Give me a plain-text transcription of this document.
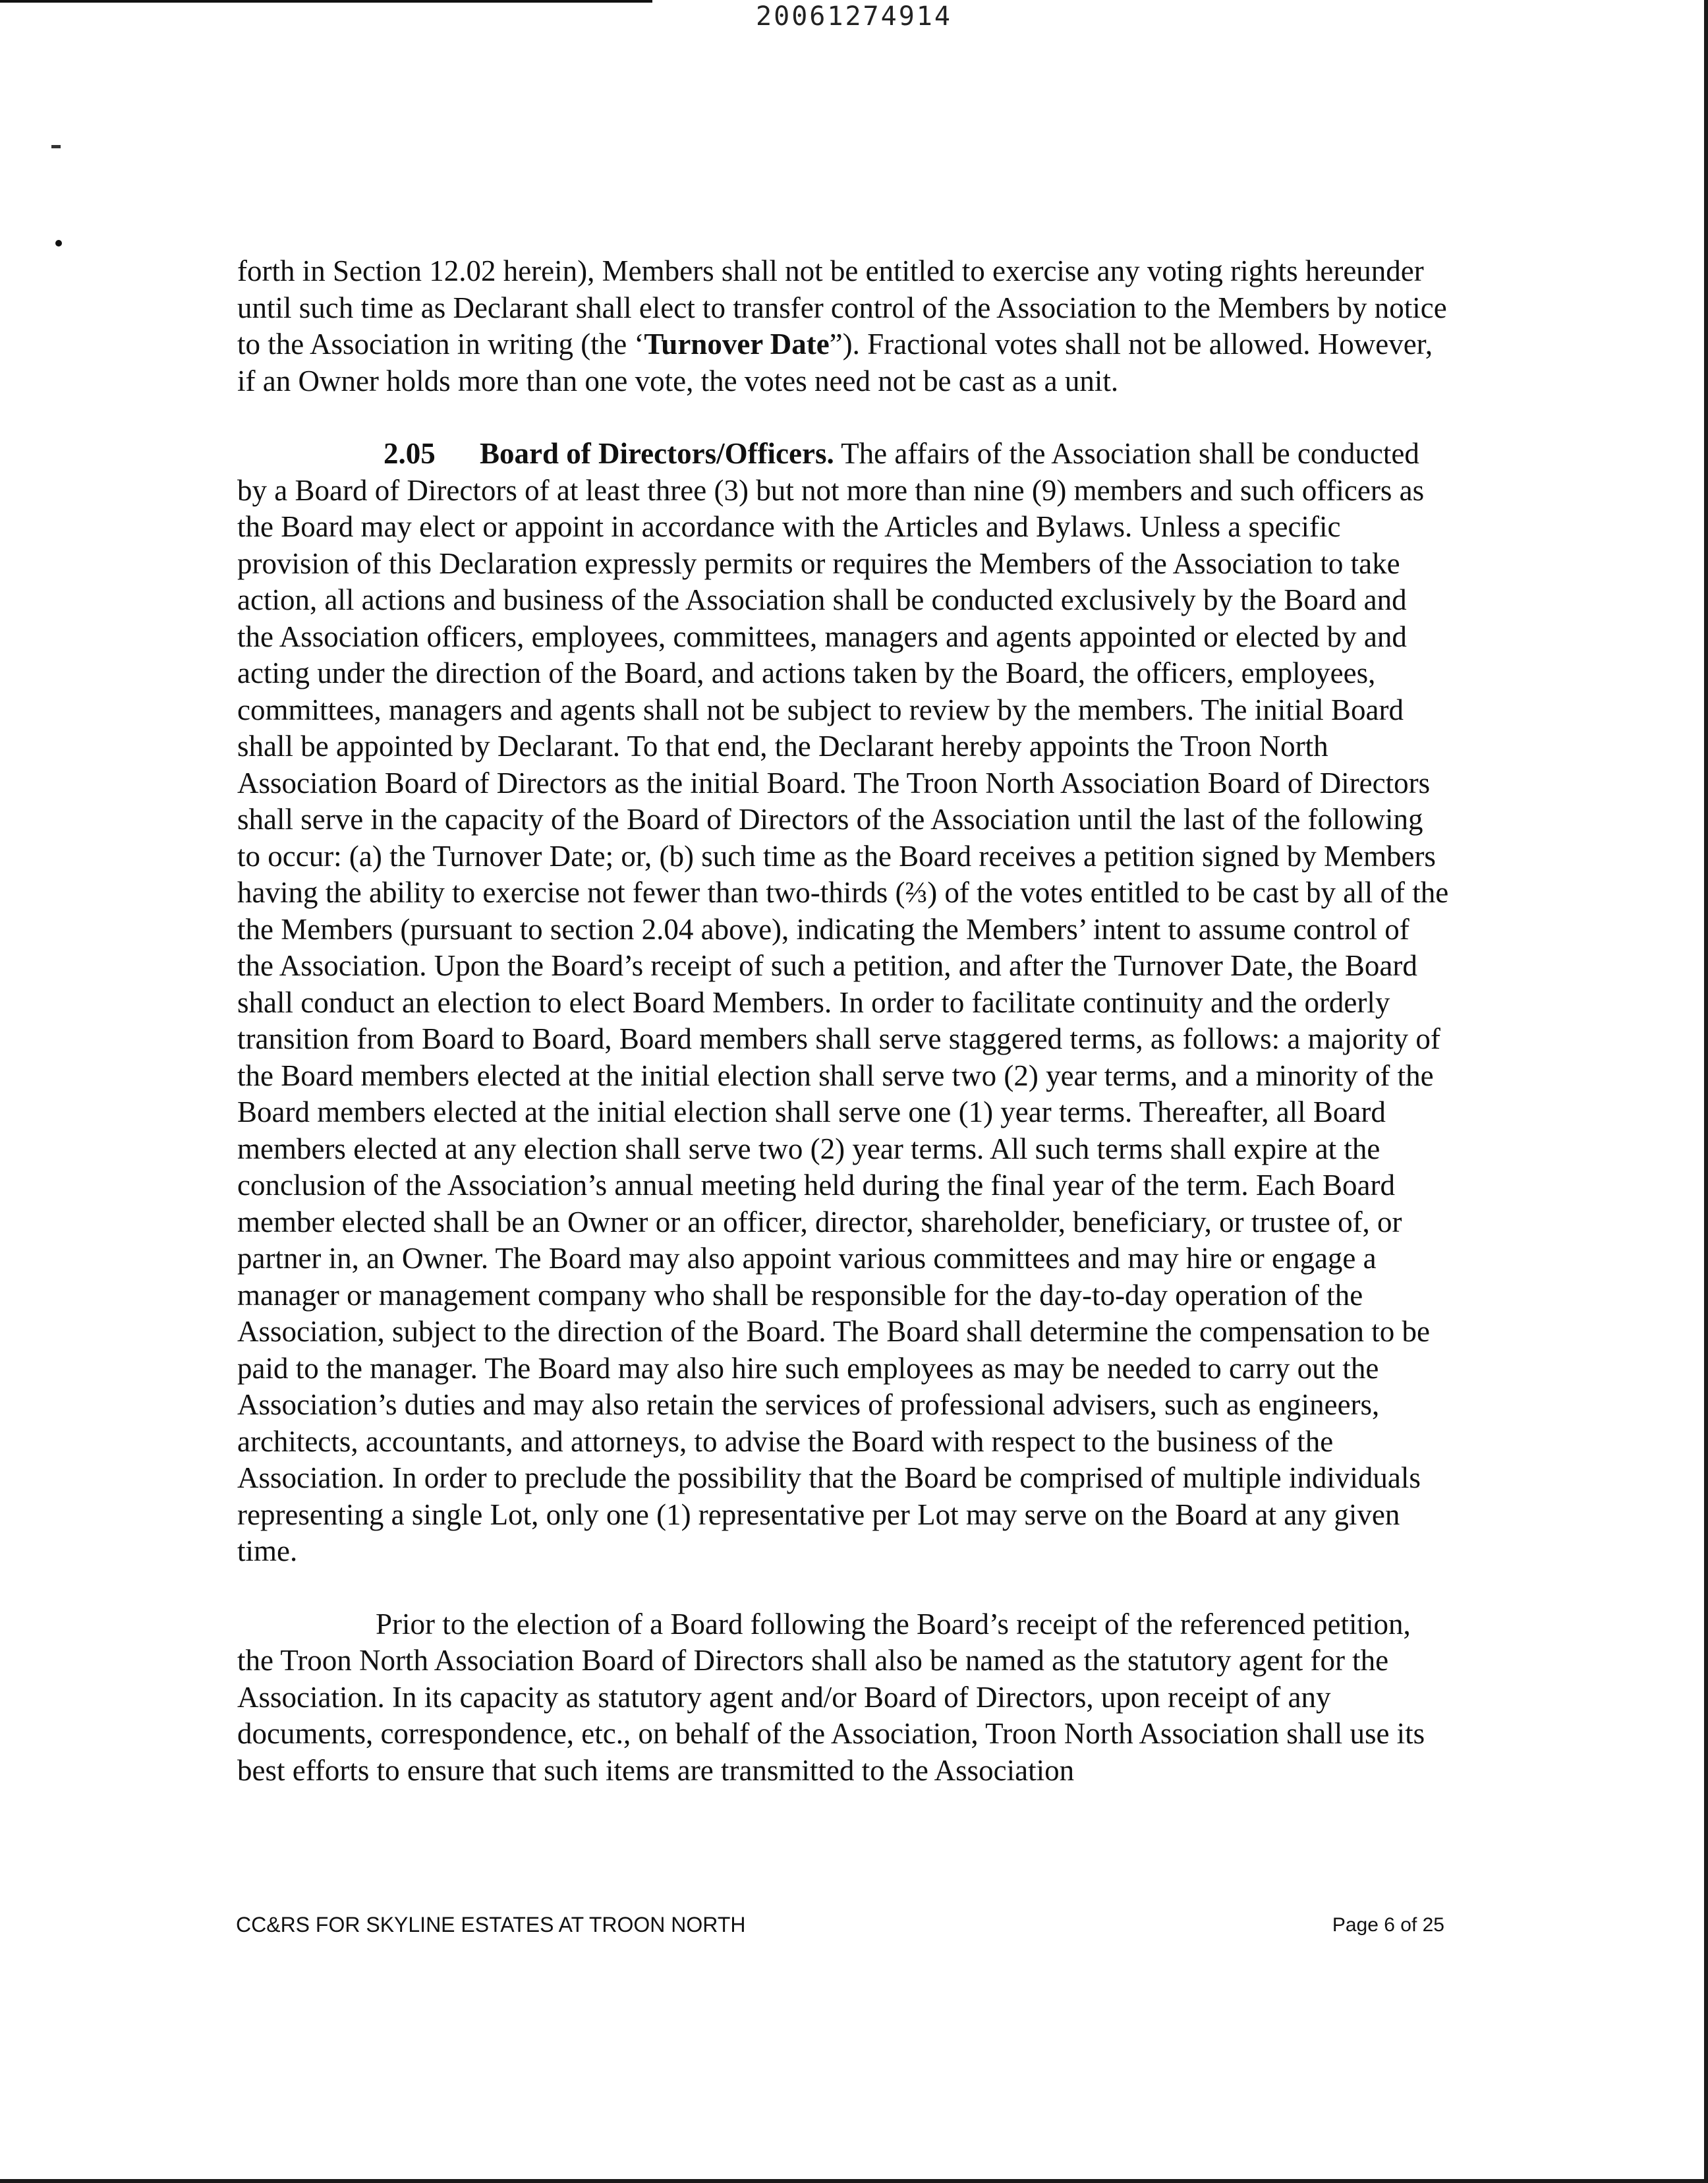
20061274914

forth in Section 12.02 herein), Members shall not be entitled to exercise any voting rights hereunder until such time as Declarant shall elect to transfer control of the Association to the Members by notice to the Association in writing (the ‘Turnover Date”). Fractional votes shall not be allowed. However, if an Owner holds more than one vote, the votes need not be cast as a unit.

2.05 Board of Directors/Officers. The affairs of the Association shall be conducted by a Board of Directors of at least three (3) but not more than nine (9) members and such officers as the Board may elect or appoint in accordance with the Articles and Bylaws. Unless a specific provision of this Declaration expressly permits or requires the Members of the Association to take action, all actions and business of the Association shall be conducted exclusively by the Board and the Association officers, employees, committees, managers and agents appointed or elected by and acting under the direction of the Board, and actions taken by the Board, the officers, employees, committees, managers and agents shall not be subject to review by the members. The initial Board shall be appointed by Declarant. To that end, the Declarant hereby appoints the Troon North Association Board of Directors as the initial Board. The Troon North Association Board of Directors shall serve in the capacity of the Board of Directors of the Association until the last of the following to occur: (a) the Turnover Date; or, (b) such time as the Board receives a petition signed by Members having the ability to exercise not fewer than two-thirds (⅔) of the votes entitled to be cast by all of the the Members (pursuant to section 2.04 above), indicating the Members’ intent to assume control of the Association. Upon the Board’s receipt of such a petition, and after the Turnover Date, the Board shall conduct an election to elect Board Members. In order to facilitate continuity and the orderly transition from Board to Board, Board members shall serve staggered terms, as follows: a majority of the Board members elected at the initial election shall serve two (2) year terms, and a minority of the Board members elected at the initial election shall serve one (1) year terms. Thereafter, all Board members elected at any election shall serve two (2) year terms. All such terms shall expire at the conclusion of the Association’s annual meeting held during the final year of the term. Each Board member elected shall be an Owner or an officer, director, shareholder, beneficiary, or trustee of, or partner in, an Owner. The Board may also appoint various committees and may hire or engage a manager or management company who shall be responsible for the day-to-day operation of the Association, subject to the direction of the Board. The Board shall determine the compensation to be paid to the manager. The Board may also hire such employees as may be needed to carry out the Association’s duties and may also retain the services of professional advisers, such as engineers, architects, accountants, and attorneys, to advise the Board with respect to the business of the Association. In order to preclude the possibility that the Board be comprised of multiple individuals representing a single Lot, only one (1) representative per Lot may serve on the Board at any given time.

Prior to the election of a Board following the Board’s receipt of the referenced petition, the Troon North Association Board of Directors shall also be named as the statutory agent for the Association. In its capacity as statutory agent and/or Board of Directors, upon receipt of any documents, correspondence, etc., on behalf of the Association, Troon North Association shall use its best efforts to ensure that such items are transmitted to the Association

CC&RS FOR SKYLINE ESTATES AT TROON NORTH	Page 6 of 25
